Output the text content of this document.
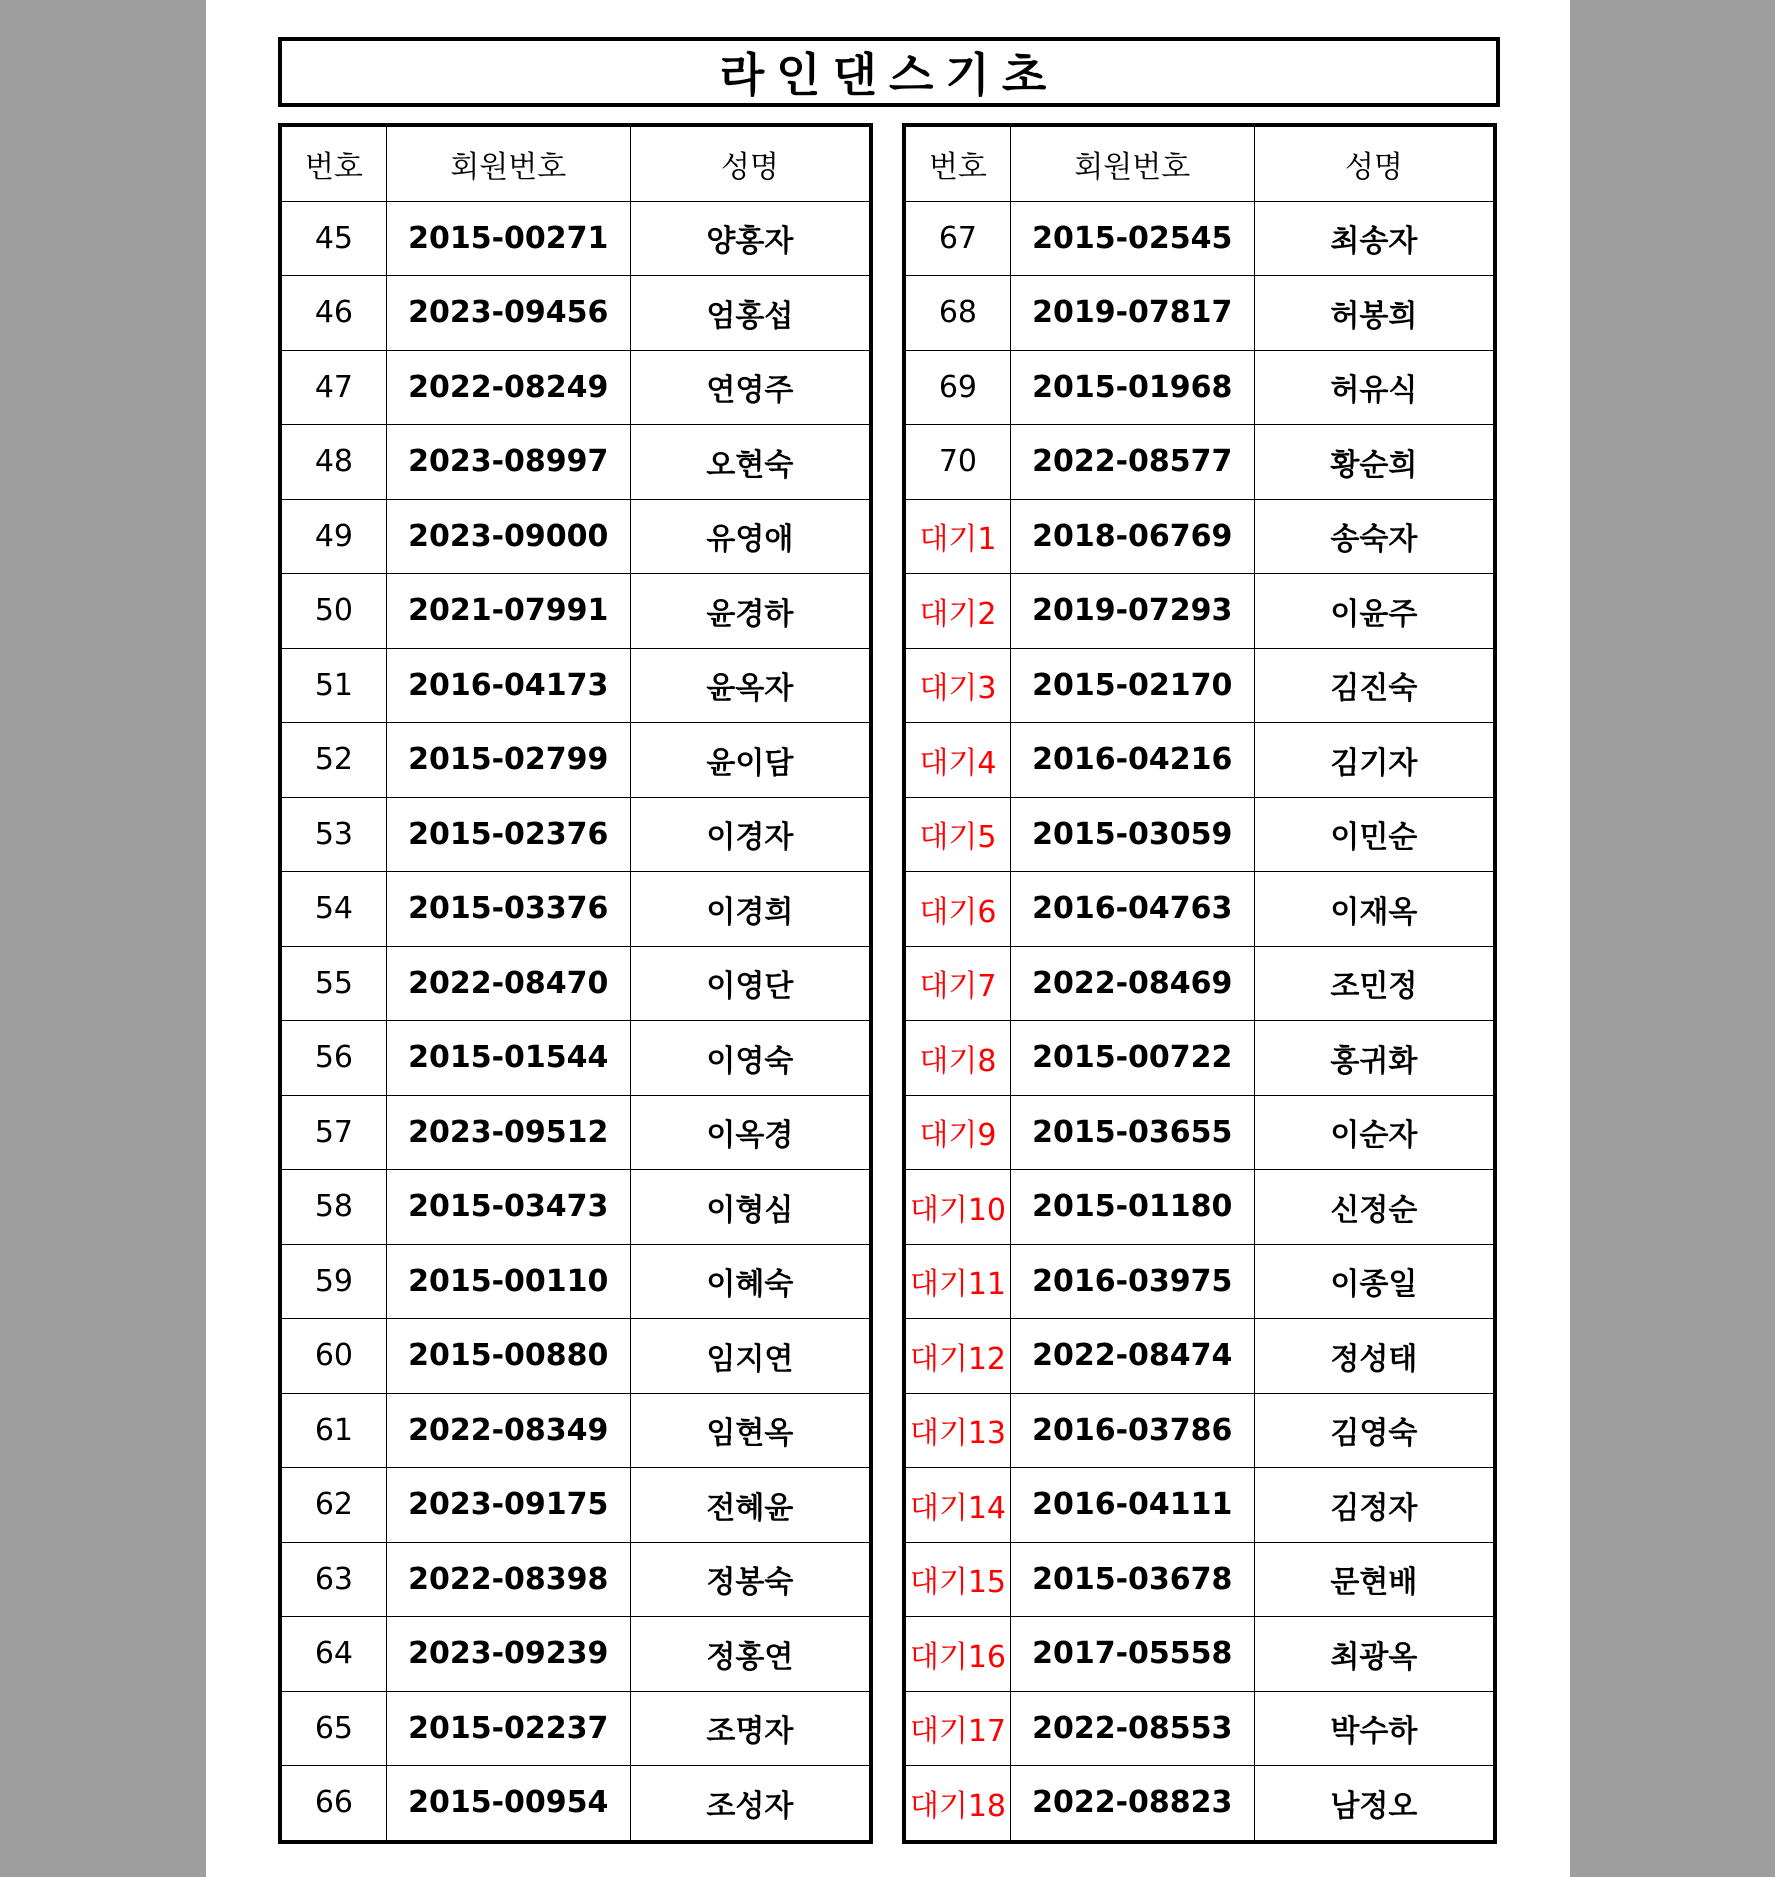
라인댄스기초
번호	회원번호	성명
45	2015-00271	양홍자
46	2023-09456	엄홍섭
47	2022-08249	연영주
48	2023-08997	오현숙
49	2023-09000	유영애
50	2021-07991	윤경하
51	2016-04173	윤옥자
52	2015-02799	윤이담
53	2015-02376	이경자
54	2015-03376	이경희
55	2022-08470	이영단
56	2015-01544	이영숙
57	2023-09512	이옥경
58	2015-03473	이형심
59	2015-00110	이혜숙
60	2015-00880	임지연
61	2022-08349	임현옥
62	2023-09175	전혜윤
63	2022-08398	정봉숙
64	2023-09239	정홍연
65	2015-02237	조명자
66	2015-00954	조성자
번호	회원번호	성명
67	2015-02545	최송자
68	2019-07817	허봉희
69	2015-01968	허유식
70	2022-08577	황순희
대기1	2018-06769	송숙자
대기2	2019-07293	이윤주
대기3	2015-02170	김진숙
대기4	2016-04216	김기자
대기5	2015-03059	이민순
대기6	2016-04763	이재옥
대기7	2022-08469	조민정
대기8	2015-00722	홍귀화
대기9	2015-03655	이순자
대기10	2015-01180	신정순
대기11	2016-03975	이종일
대기12	2022-08474	정성태
대기13	2016-03786	김영숙
대기14	2016-04111	김정자
대기15	2015-03678	문현배
대기16	2017-05558	최광옥
대기17	2022-08553	박수하
대기18	2022-08823	남정오
